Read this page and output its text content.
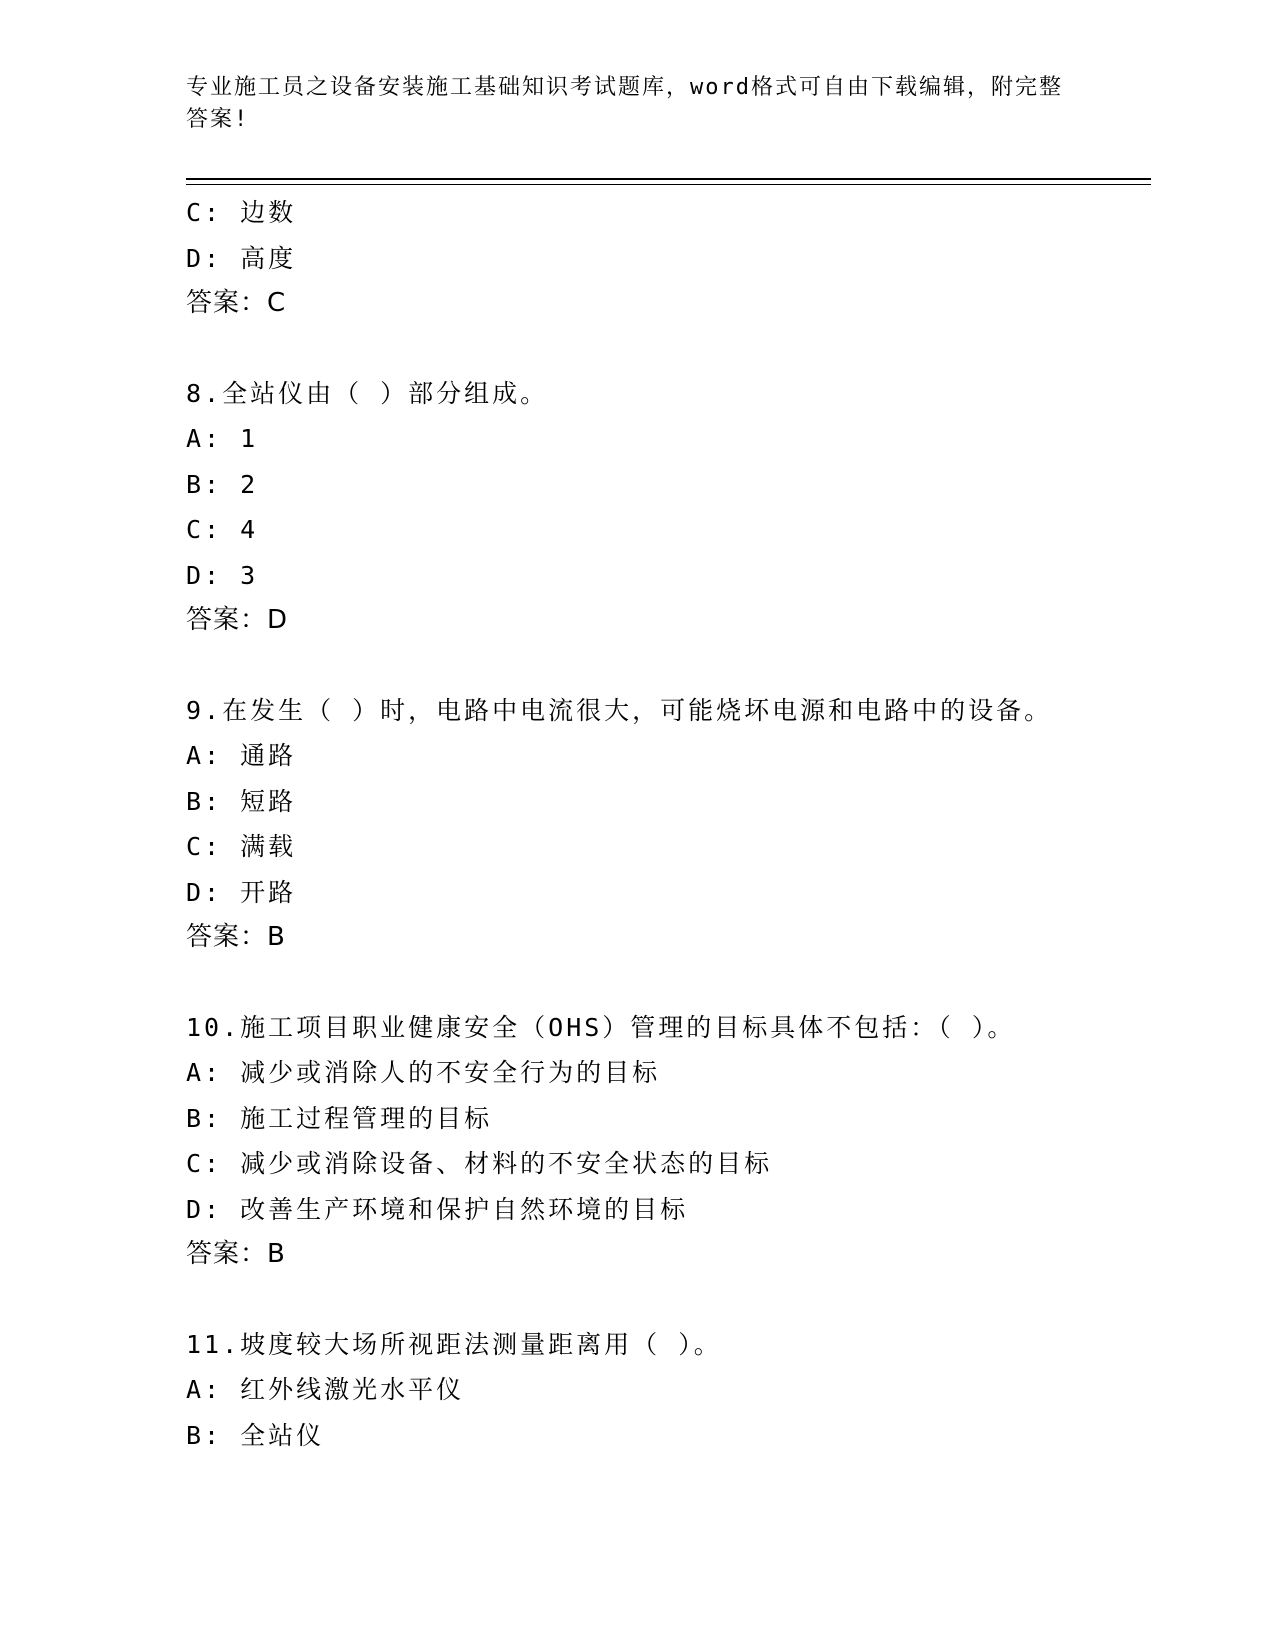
专业施工员之设备安装施工基础知识考试题库，word格式可自由下载编辑，附完整答案!
C: 边数
D: 高度
答案：C
8.全站仪由（ ）部分组成。
A: 1
B: 2
C: 4
D: 3
答案：D
9.在发生（ ）时，电路中电流很大，可能烧坏电源和电路中的设备。
A: 通路
B: 短路
C: 满载
D: 开路
答案：B
10.施工项目职业健康安全（OHS）管理的目标具体不包括：（ ）。
A: 减少或消除人的不安全行为的目标
B: 施工过程管理的目标
C: 减少或消除设备、材料的不安全状态的目标
D: 改善生产环境和保护自然环境的目标
答案：B
11.坡度较大场所视距法测量距离用（ ）。
A: 红外线激光水平仪
B: 全站仪
